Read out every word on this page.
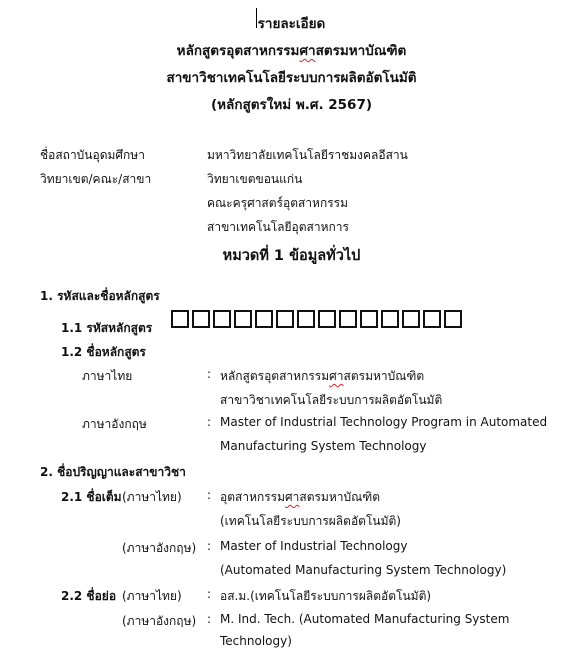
รายละเอียด
หลักสูตรอุตสาหกรรมศาสตรมหาบัณฑิต
สาขาวิชาเทคโนโลยีระบบการผลิตอัตโนมัติ
(หลักสูตรใหม่ พ.ศ. 2567)
ชื่อสถาบันอุดมศึกษา	มหาวิทยาลัยเทคโนโลยีราชมงคลอีสาน
วิทยาเขต/คณะ/สาขา	วิทยาเขตขอนแก่น
คณะครุศาสตร์อุตสาหกรรม
สาขาเทคโนโลยีอุตสาหการ
หมวดที่ 1 ข้อมูลทั่วไป
1. รหัสและชื่อหลักสูตร
1.1 รหัสหลักสูตร
1.2 ชื่อหลักสูตร
ภาษาไทย	: หลักสูตรอุตสาหกรรมศาสตรมหาบัณฑิต
สาขาวิชาเทคโนโลยีระบบการผลิตอัตโนมัติ
ภาษาอังกฤษ	: Master of Industrial Technology Program in Automated
Manufacturing System Technology
2. ชื่อปริญญาและสาขาวิชา
2.1 ชื่อเต็ม (ภาษาไทย) : อุตสาหกรรมศาสตรมหาบัณฑิต
(เทคโนโลยีระบบการผลิตอัตโนมัติ)
(ภาษาอังกฤษ) : Master of Industrial Technology
(Automated Manufacturing System Technology)
2.2 ชื่อย่อ (ภาษาไทย) : อส.ม.(เทคโนโลยีระบบการผลิตอัตโนมัติ)
(ภาษาอังกฤษ) : M. Ind. Tech. (Automated Manufacturing System
Technology)
